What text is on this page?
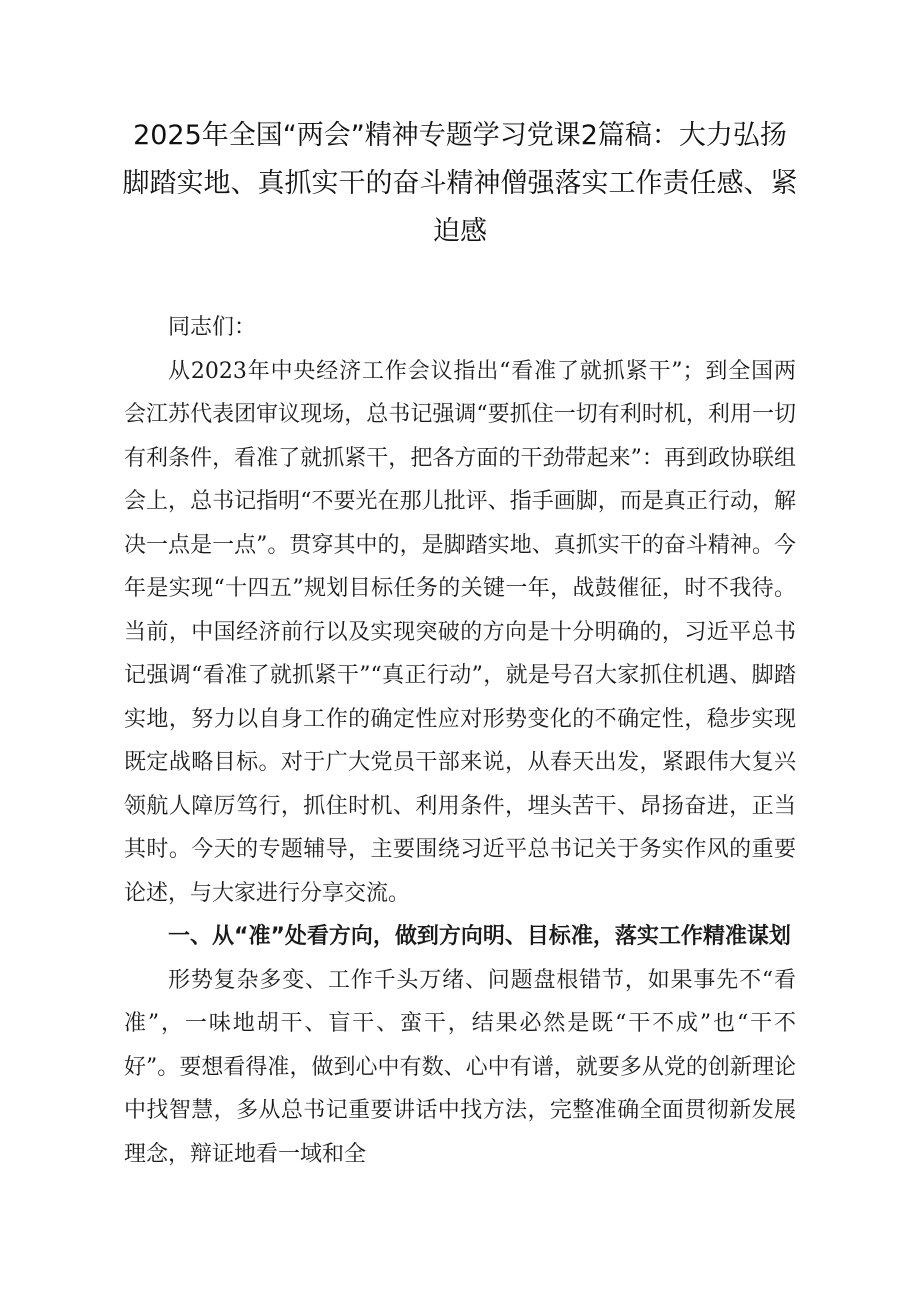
2025年全国“两会”精神专题学习党课2篇稿：大力弘扬脚踏实地、真抓实干的奋斗精神僧强落实工作责任感、紧迫感

同志们：

从2023年中央经济工作会议指出“看准了就抓紧干”；到全国两会江苏代表团审议现场，总书记强调“要抓住一切有利时机，利用一切有利条件，看准了就抓紧干，把各方面的干劲带起来”：再到政协联组会上，总书记指明“不要光在那儿批评、指手画脚，而是真正行动，解决一点是一点”。贯穿其中的，是脚踏实地、真抓实干的奋斗精神。今年是实现“十四五”规划目标任务的关键一年，战鼓催征，时不我待。当前，中国经济前行以及实现突破的方向是十分明确的，习近平总书记强调“看准了就抓紧干”“真正行动”，就是号召大家抓住机遇、脚踏实地，努力以自身工作的确定性应对形势变化的不确定性，稳步实现既定战略目标。对于广大党员干部来说，从春天出发，紧跟伟大复兴领航人障厉笃行，抓住时机、利用条件，埋头苦干、昂扬奋进，正当其时。今天的专题辅导，主要围绕习近平总书记关于务实作风的重要论述，与大家进行分享交流。

一、从“准”处看方向，做到方向明、目标准，落实工作精准谋划

形势复杂多变、工作千头万绪、问题盘根错节，如果事先不“看准”，一味地胡干、盲干、蛮干，结果必然是既“干不成”也“干不好”。要想看得准，做到心中有数、心中有谱，就要多从党的创新理论中找智慧，多从总书记重要讲话中找方法，完整准确全面贯彻新发展理念，辩证地看一域和全
